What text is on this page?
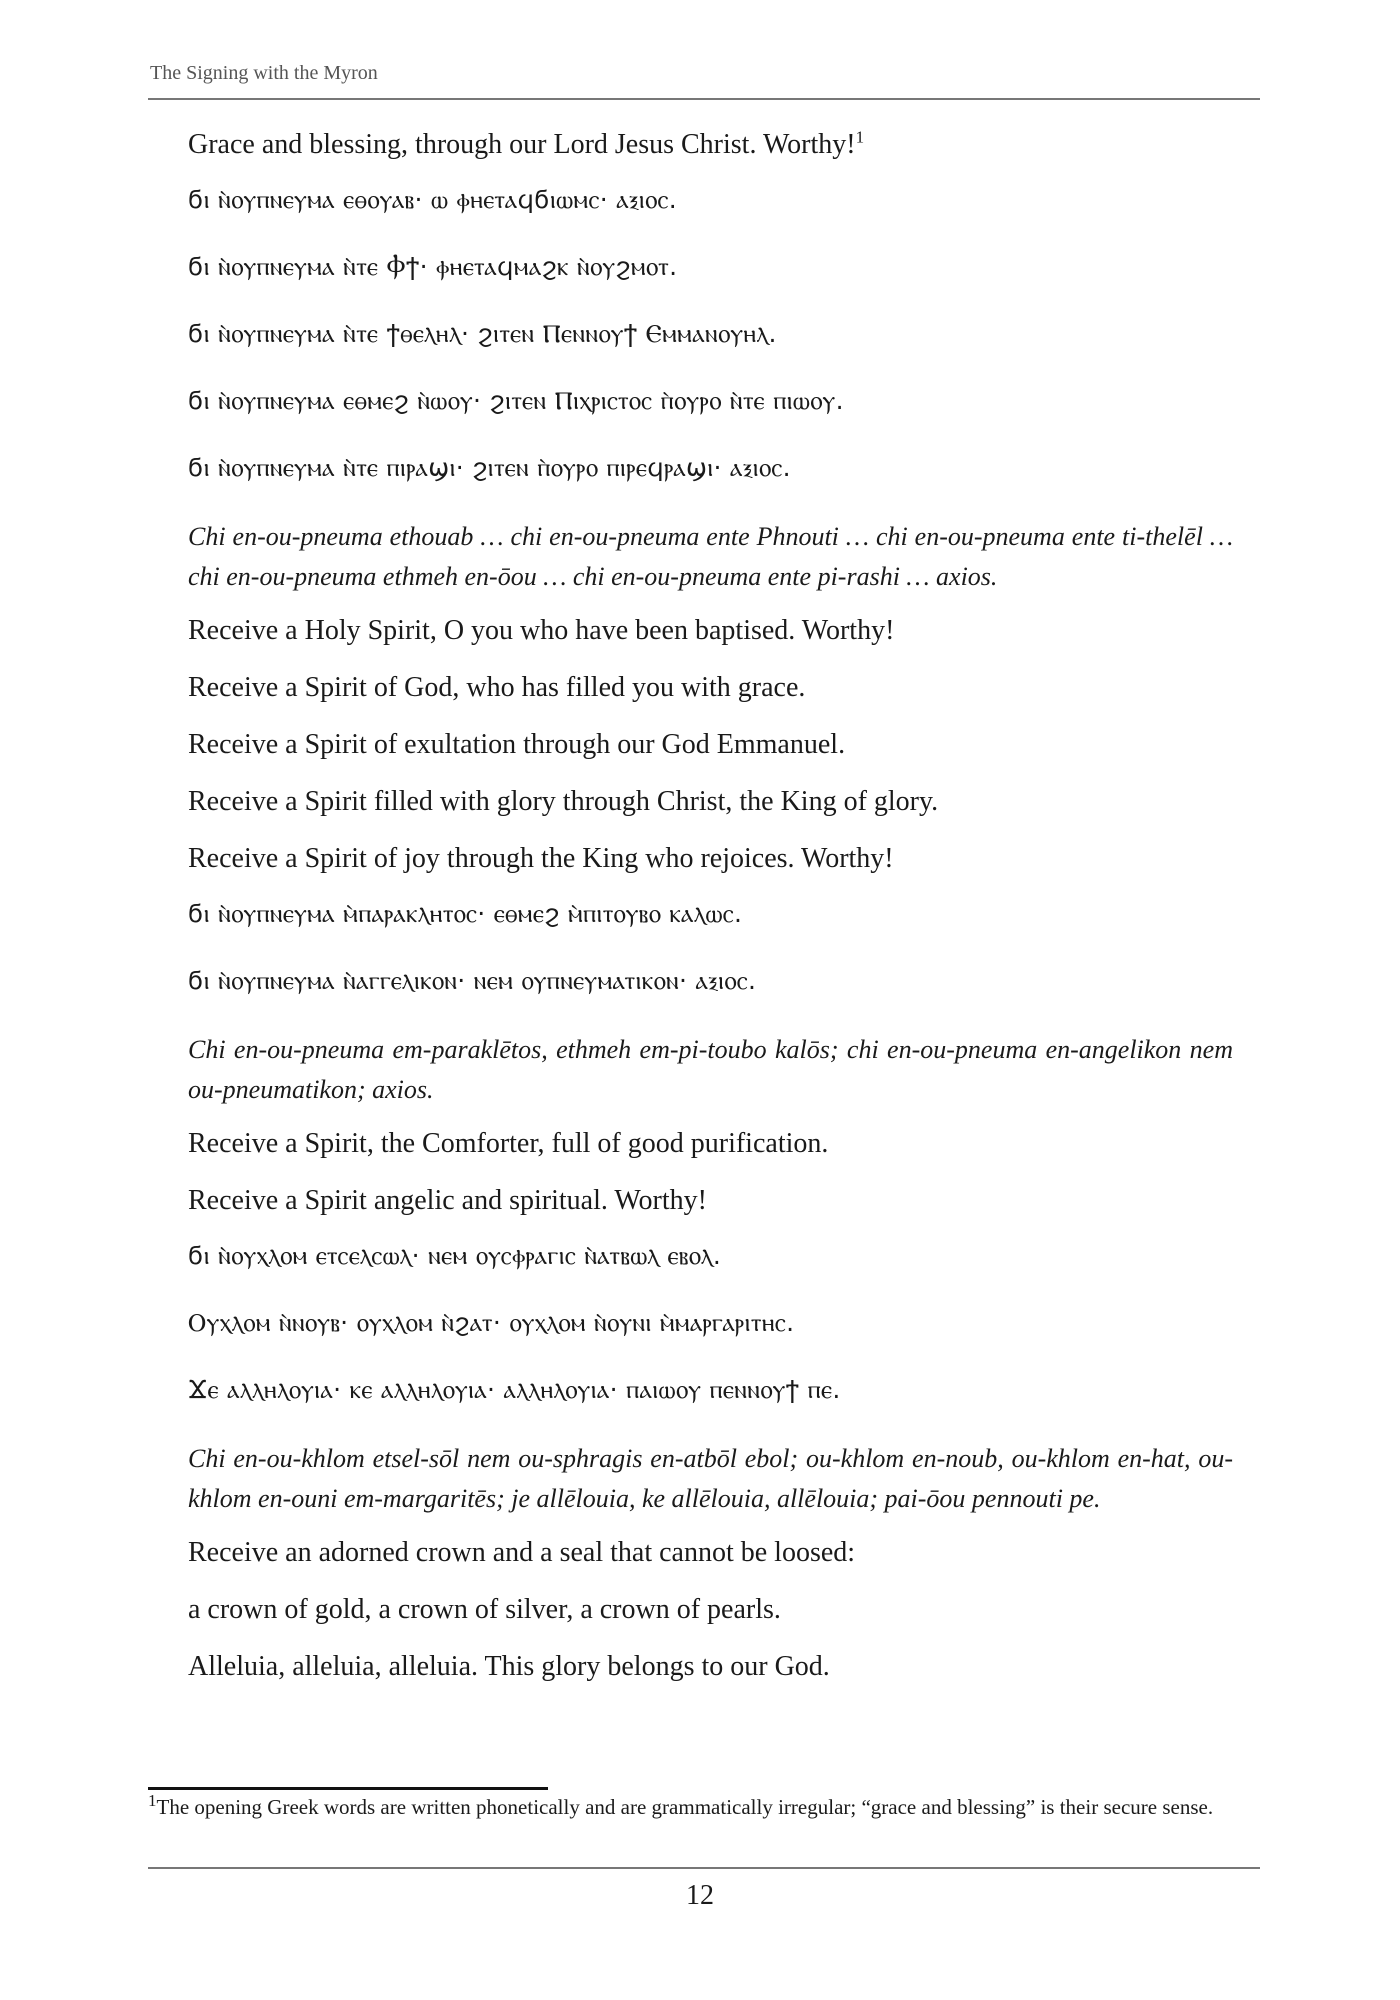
The Signing with the Myron

Grace and blessing, through our Lord Jesus Christ. Worthy!$^1$

ϭⲓ ⲛ̀ⲟⲩⲡⲛⲉⲩⲙⲁ ⲉⲑⲟⲩⲁⲃ· ⲱ ⲫⲏⲉⲧⲁϥϭⲓⲱⲙⲥ· ⲁⲝⲓⲟⲥ.

ϭⲓ ⲛ̀ⲟⲩⲡⲛⲉⲩⲙⲁ ⲛ̀ⲧⲉ Ⲫϯ· ⲫⲏⲉⲧⲁϥⲙⲁϩⲕ ⲛ̀ⲟⲩϩⲙⲟⲧ.

ϭⲓ ⲛ̀ⲟⲩⲡⲛⲉⲩⲙⲁ ⲛ̀ⲧⲉ ϯⲑⲉⲗⲏⲗ· ϩⲓⲧⲉⲛ Ⲡⲉⲛⲛⲟⲩϯ Ⲉⲙⲙⲁⲛⲟⲩⲏⲗ.

ϭⲓ ⲛ̀ⲟⲩⲡⲛⲉⲩⲙⲁ ⲉⲑⲙⲉϩ ⲛ̀ⲱⲟⲩ· ϩⲓⲧⲉⲛ Ⲡⲓⲭⲣⲓⲥⲧⲟⲥ ⲡ̀ⲟⲩⲣⲟ ⲛ̀ⲧⲉ ⲡⲓⲱⲟⲩ.

ϭⲓ ⲛ̀ⲟⲩⲡⲛⲉⲩⲙⲁ ⲛ̀ⲧⲉ ⲡⲓⲣⲁϣⲓ· ϩⲓⲧⲉⲛ ⲡ̀ⲟⲩⲣⲟ ⲡⲓⲣⲉϥⲣⲁϣⲓ· ⲁⲝⲓⲟⲥ.

Chi en-ou-pneuma ethouab … chi en-ou-pneuma ente Phnouti … chi en-ou-pneuma ente ti-thelēl … chi en-ou-pneuma ethmeh en-ōou … chi en-ou-pneuma ente pi-rashi … axios.

Receive a Holy Spirit, O you who have been baptised. Worthy!

Receive a Spirit of God, who has filled you with grace.

Receive a Spirit of exultation through our God Emmanuel.

Receive a Spirit filled with glory through Christ, the King of glory.

Receive a Spirit of joy through the King who rejoices. Worthy!

ϭⲓ ⲛ̀ⲟⲩⲡⲛⲉⲩⲙⲁ ⲙ̀ⲡⲁⲣⲁⲕⲗⲏⲧⲟⲥ· ⲉⲑⲙⲉϩ ⲙ̀ⲡⲓⲧⲟⲩⲃⲟ ⲕⲁⲗⲱⲥ.

ϭⲓ ⲛ̀ⲟⲩⲡⲛⲉⲩⲙⲁ ⲛ̀ⲁⲅⲅⲉⲗⲓⲕⲟⲛ· ⲛⲉⲙ ⲟⲩⲡⲛⲉⲩⲙⲁⲧⲓⲕⲟⲛ· ⲁⲝⲓⲟⲥ.

Chi en-ou-pneuma em-paraklētos, ethmeh em-pi-toubo kalōs; chi en-ou-pneuma en-angelikon nem ou-pneumatikon; axios.

Receive a Spirit, the Comforter, full of good purification.

Receive a Spirit angelic and spiritual. Worthy!

ϭⲓ ⲛ̀ⲟⲩⲭⲗⲟⲙ ⲉⲧⲥⲉⲗⲥⲱⲗ· ⲛⲉⲙ ⲟⲩⲥⲫⲣⲁⲅⲓⲥ ⲛ̀ⲁⲧⲃⲱⲗ ⲉⲃⲟⲗ.

Ⲟⲩⲭⲗⲟⲙ ⲛ̀ⲛⲟⲩⲃ· ⲟⲩⲭⲗⲟⲙ ⲛ̀ϩⲁⲧ· ⲟⲩⲭⲗⲟⲙ ⲛ̀ⲟⲩⲛⲓ ⲙ̀ⲙⲁⲣⲅⲁⲣⲓⲧⲏⲥ.

Ϫⲉ ⲁⲗⲗⲏⲗⲟⲩⲓⲁ· ⲕⲉ ⲁⲗⲗⲏⲗⲟⲩⲓⲁ· ⲁⲗⲗⲏⲗⲟⲩⲓⲁ· ⲡⲁⲓⲱⲟⲩ ⲡⲉⲛⲛⲟⲩϯ ⲡⲉ.

Chi en-ou-khlom etsel-sōl nem ou-sphragis en-atbōl ebol; ou-khlom en-noub, ou-khlom en-hat, ou-khlom en-ouni em-margaritēs; je allēlouia, ke allēlouia, allēlouia; pai-ōou pennouti pe.

Receive an adorned crown and a seal that cannot be loosed:

a crown of gold, a crown of silver, a crown of pearls.

Alleluia, alleluia, alleluia. This glory belongs to our God.

$^1$The opening Greek words are written phonetically and are grammatically irregular; “grace and blessing” is their secure sense.
12
